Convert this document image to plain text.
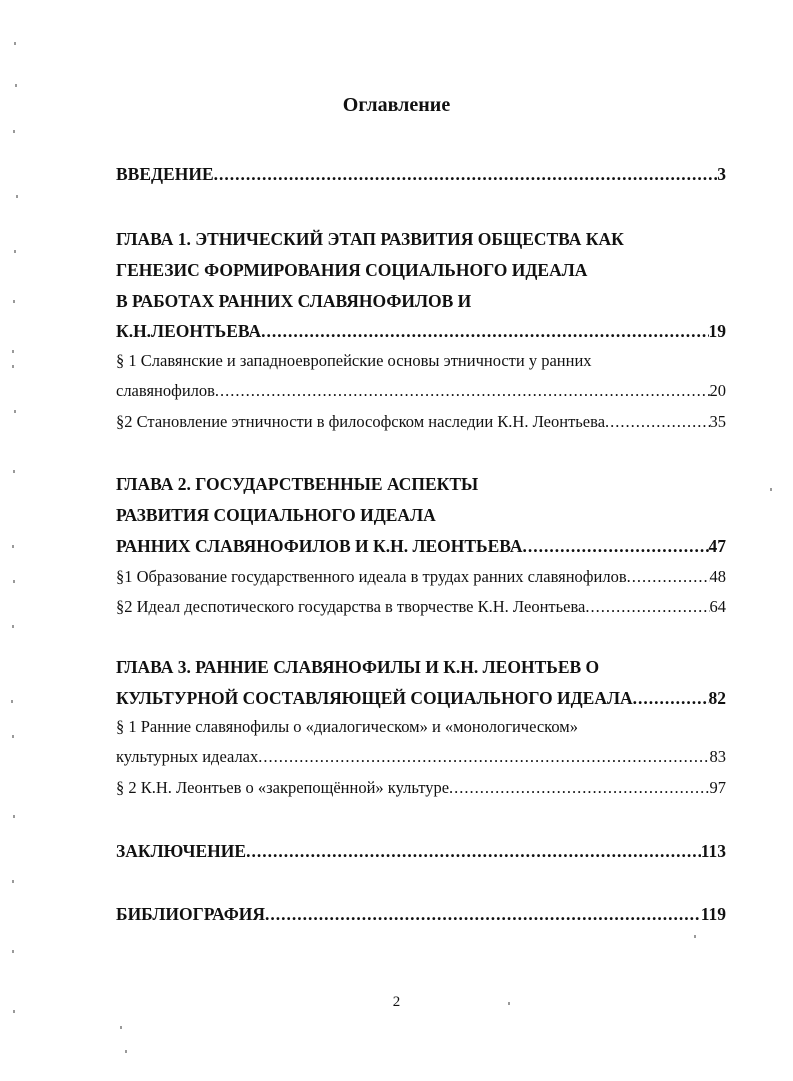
Оглавление
ВВЕДЕНИЕ .....	3
ГЛАВА 1. ЭТНИЧЕСКИЙ ЭТАП РАЗВИТИЯ ОБЩЕСТВА КАК
ГЕНЕЗИС ФОРМИРОВАНИЯ СОЦИАЛЬНОГО ИДЕАЛА
В РАБОТАХ РАННИХ СЛАВЯНОФИЛОВ И
К.Н.ЛЕОНТЬЕВА .....	19
§ 1 Славянские и западноевропейские основы этничности у ранних
славянофилов .....	20
§2 Становление этничности в философском наследии К.Н. Леонтьева .....	35
ГЛАВА 2. ГОСУДАРСТВЕННЫЕ АСПЕКТЫ
РАЗВИТИЯ СОЦИАЛЬНОГО ИДЕАЛА
РАННИХ СЛАВЯНОФИЛОВ И К.Н. ЛЕОНТЬЕВА .....	47
§1 Образование государственного идеала в трудах ранних славянофилов .....	48
§2 Идеал деспотического государства в творчестве К.Н. Леонтьева .....	64
ГЛАВА 3. РАННИЕ СЛАВЯНОФИЛЫ И К.Н. ЛЕОНТЬЕВ О
КУЛЬТУРНОЙ СОСТАВЛЯЮЩЕЙ СОЦИАЛЬНОГО ИДЕАЛА .....	82
§ 1 Ранние славянофилы о «диалогическом» и «монологическом»
культурных идеалах .....	83
§ 2 К.Н. Леонтьев о «закрепощённой» культуре .....	97
ЗАКЛЮЧЕНИЕ .....	113
БИБЛИОГРАФИЯ .....	119
2
